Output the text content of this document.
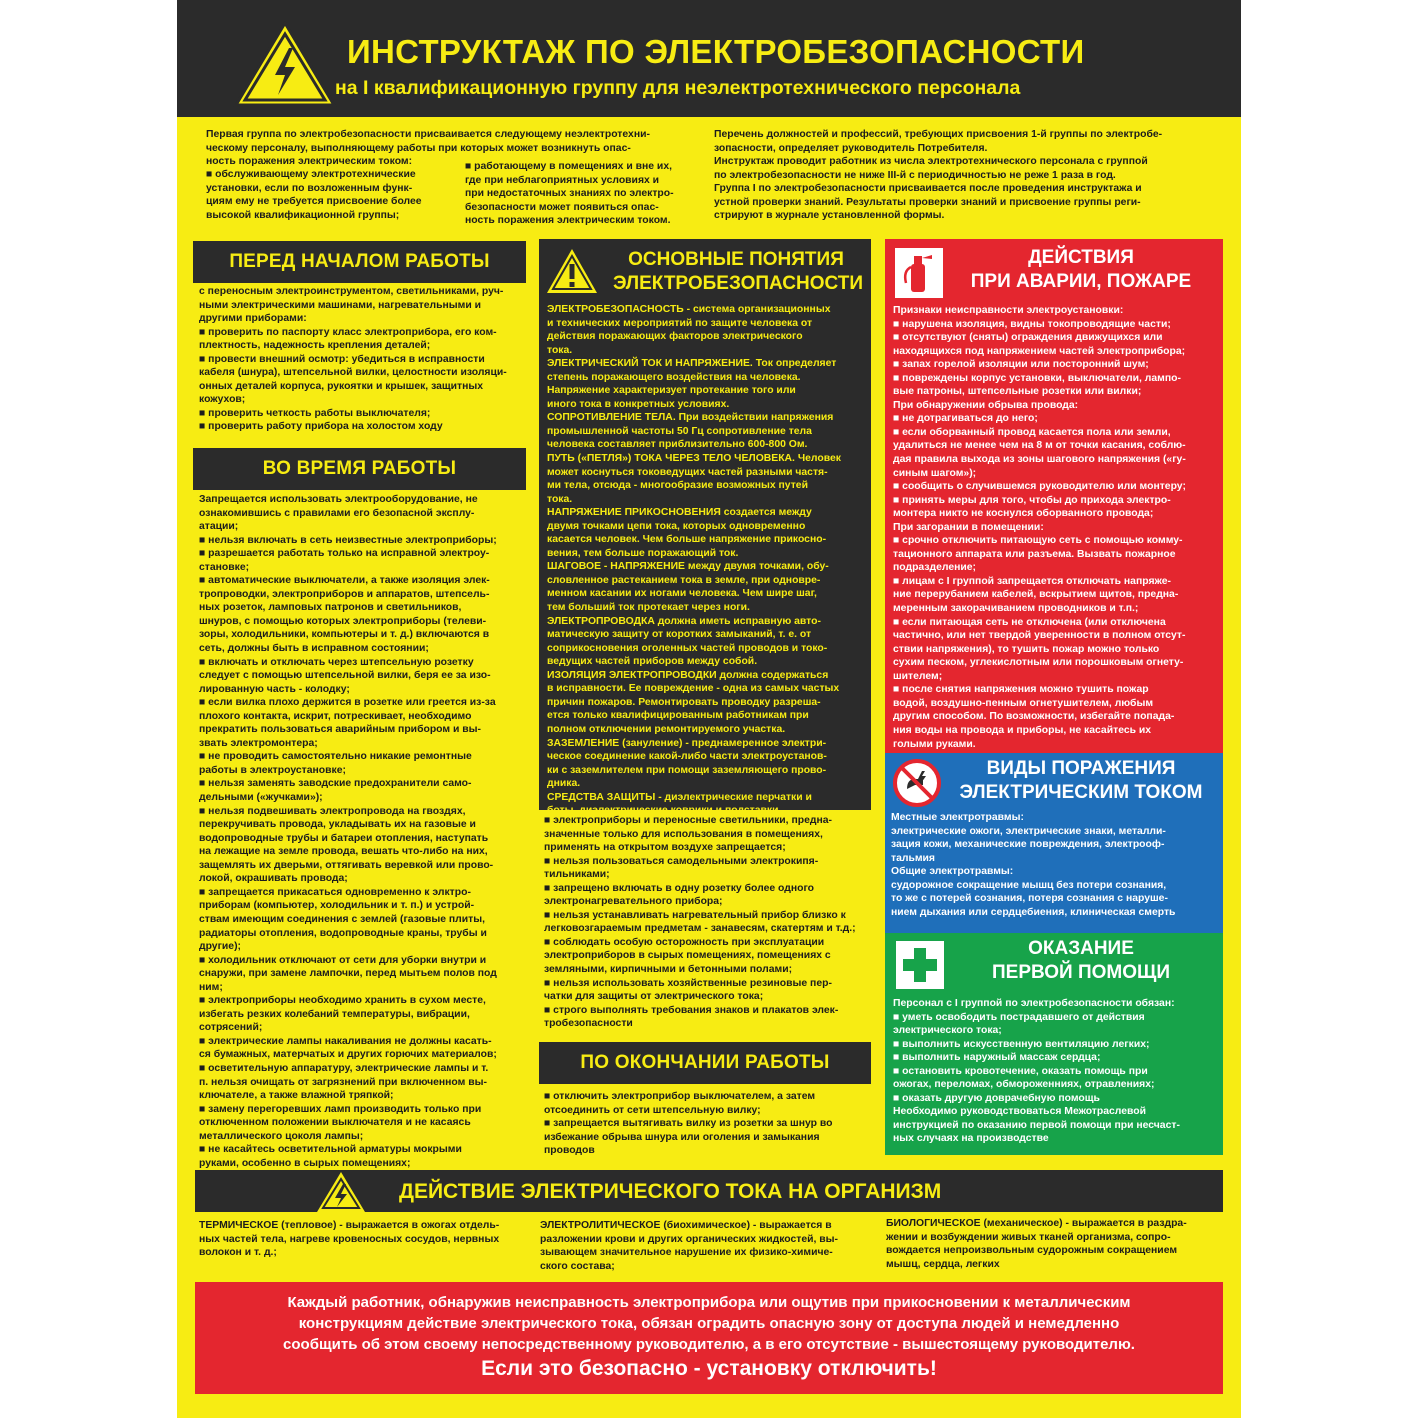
ИНСТРУКТАЖ ПО ЭЛЕКТРОБЕЗОПАСНОСТИ
на I квалификационную группу для неэлектротехнического персонала
Первая группа по электробезопасности присваивается следующему неэлектротехни-
ческому персоналу, выполняющему работы при которых может возникнуть опас-
ность поражения электрическим током:
■ обслуживающему электротехнические
установки, если по возложенным функ-
циям ему не требуется присвоение более
высокой квалификационной группы;
■ работающему в помещениях и вне их,
где при неблагоприятных условиях и
при недостаточных знаниях по электро-
безопасности может появиться опас-
ность поражения электрическим током.
Перечень должностей и профессий, требующих присвоения 1-й группы по электробе-
зопасности, определяет руководитель Потребителя.
Инструктаж проводит работник из числа электротехнического персонала с группой
по электробезопасности не ниже III-й с периодичностью не реже 1 раза в год.
Группа I по электробезопасности присваивается после проведения инструктажа и
устной проверки знаний. Результаты проверки знаний и присвоение группы реги-
стрируют в журнале установленной формы.
ПЕРЕД НАЧАЛОМ РАБОТЫ
с переносным электроинструментом, светильниками, руч-
ными электрическими машинами, нагревательными и
другими приборами:
■ проверить по паспорту класс электроприбора, его ком-
плектность, надежность крепления деталей;
■ провести внешний осмотр: убедиться в исправности
кабеля (шнура), штепсельной вилки, целостности изоляци-
онных деталей корпуса, рукоятки и крышек, защитных
кожухов;
■ проверить четкость работы выключателя;
■ проверить работу прибора на холостом ходу
ВО ВРЕМЯ РАБОТЫ
Запрещается использовать электрооборудование, не
ознакомившись с правилами его безопасной эксплу-
атации;
■ нельзя включать в сеть неизвестные электроприборы;
■ разрешается работать только на исправной электроу-
становке;
■ автоматические выключатели, а также изоляция элек-
тропроводки, электроприборов и аппаратов, штепсель-
ных розеток, ламповых патронов и светильников,
шнуров, с помощью которых электроприборы (телеви-
зоры, холодильники, компьютеры и т. д.) включаются в
сеть, должны быть в исправном состоянии;
■ включать и отключать через штепсельную розетку
следует с помощью штепсельной вилки, беря ее за изо-
лированную часть - колодку;
■ если вилка плохо держится в розетке или греется из-за
плохого контакта, искрит, потрескивает, необходимо
прекратить пользоваться аварийным прибором и вы-
звать электромонтера;
■ не проводить самостоятельно никакие ремонтные
работы в электроустановке;
■ нельзя заменять заводские предохранители само-
дельными («жучками»);
■ нельзя подвешивать электропровода на гвоздях,
перекручивать провода, укладывать их на газовые и
водопроводные трубы и батареи отопления, наступать
на лежащие на земле провода, вешать что-либо на них,
защемлять их дверьми, оттягивать веревкой или прово-
локой, окрашивать провода;
■ запрещается прикасаться одновременно к элктро-
приборам (компьютер, холодильник и т. п.) и устрой-
ствам имеющим соединения с землей (газовые плиты,
радиаторы отопления, водопроводные краны, трубы и
другие);
■ холодильник отключают от сети для уборки внутри и
снаружи, при замене лампочки, перед мытьем полов под
ним;
■ электроприборы необходимо хранить в сухом месте,
избегать резких колебаний температуры, вибрации,
сотрясений;
■ электрические лампы накаливания не должны касать-
ся бумажных, матерчатых и других горючих материалов;
■ осветительную аппаратуру, электрические лампы и т.
п. нельзя очищать от загрязнений при включенном вы-
ключателе, а также влажной тряпкой;
■ замену перегоревших ламп производить только при
отключенном положении выключателя и не касаясь
металлического цоколя лампы;
■ не касайтесь осветительной арматуры мокрыми
руками, особенно в сырых помещениях;
ОСНОВНЫЕ ПОНЯТИЯ
ЭЛЕКТРОБЕЗОПАСНОСТИ
ЭЛЕКТРОБЕЗОПАСНОСТЬ - система организационных
и технических мероприятий по защите человека от
действия поражающих факторов электрического
тока.
ЭЛЕКТРИЧЕСКИЙ ТОК И НАПРЯЖЕНИЕ. Ток определяет
степень поражающего воздействия на человека.
Напряжение характеризует протекание того или
иного тока в конкретных условиях.
СОПРОТИВЛЕНИЕ ТЕЛА. При воздействии напряжения
промышленной частоты 50 Гц сопротивление тела
человека составляет приблизительно 600-800 Ом.
ПУТЬ («ПЕТЛЯ») ТОКА ЧЕРЕЗ ТЕЛО ЧЕЛОВЕКА. Человек
может коснуться токоведущих частей разными частя-
ми тела, отсюда - многообразие возможных путей
тока.
НАПРЯЖЕНИЕ ПРИКОСНОВЕНИЯ создается между
двумя точками цепи тока, которых одновременно
касается человек. Чем больше напряжение прикосно-
вения, тем больше поражающий ток.
ШАГОВОЕ - НАПРЯЖЕНИЕ между двумя точками, обу-
словленное растеканием тока в земле, при одновре-
менном касании их ногами человека. Чем шире шаг,
тем больший ток протекает через ноги.
ЭЛЕКТРОПРОВОДКА должна иметь исправную авто-
матическую защиту от коротких замыканий, т. е. от
соприкосновения оголенных частей проводов и токо-
ведущих частей приборов между собой.
ИЗОЛЯЦИЯ ЭЛЕКТРОПРОВОДКИ должна содержаться
в исправности. Ее повреждение - одна из самых частых
причин пожаров. Ремонтировать проводку разреша-
ется только квалифицированным работникам при
полном отключении ремонтируемого участка.
ЗАЗЕМЛЕНИЕ (зануление) - преднамеренное электри-
ческое соединение какой-либо части электроустанов-
ки с заземлителем при помощи заземляющего прово-
дника.
СРЕДСТВА ЗАЩИТЫ - диэлектрические перчатки и
боты, диэлектрические коврики и подставки.
■ электроприборы и переносные светильники, предна-
значенные только для использования в помещениях,
применять на открытом воздухе запрещается;
■ нельзя пользоваться самодельными электрокипя-
тильниками;
■ запрещено включать в одну розетку более одного
электронагревательного прибора;
■ нельзя устанавливать нагревательный прибор близко к
легковозгараемым предметам - занавесям, скатертям и т.д.;
■ соблюдать особую осторожность при эксплуатации
электроприборов в сырых помещениях, помещениях с
земляными, кирпичными и бетонными полами;
■ нельзя использовать хозяйственные резиновые пер-
чатки для защиты от электрического тока;
■ строго выполнять требования знаков и плакатов элек-
тробезопасности
ПО ОКОНЧАНИИ РАБОТЫ
■ отключить электроприбор выключателем, а затем
отсоединить от сети штепсельную вилку;
■ запрещается вытягивать вилку из розетки за шнур во
избежание обрыва шнура или оголения и замыкания
проводов
ДЕЙСТВИЯ
ПРИ АВАРИИ, ПОЖАРЕ
Признаки неисправности электроустановки:
■ нарушена изоляция, видны токопроводящие части;
■ отсутствуют (сняты) ограждения движущихся или
находящихся под напряжением частей электроприбора;
■ запах горелой изоляции или посторонний шум;
■ повреждены корпус установки, выключатели, лампо-
вые патроны, штепсельные розетки или вилки;
При обнаружении обрыва провода:
■ не дотрагиваться до него;
■ если оборванный провод касается пола или земли,
удалиться не менее чем на 8 м от точки касания, соблю-
дая правила выхода из зоны шагового напряжения («гу-
синым шагом»);
■ сообщить о случившемся руководителю или монтеру;
■ принять меры для того, чтобы до прихода электро-
монтера никто не коснулся оборванного провода;
При загорании в помещении:
■ срочно отключить питающую сеть с помощью комму-
тационного аппарата или разъема. Вызвать пожарное
подразделение;
■ лицам с I группой запрещается отключать напряже-
ние перерубанием кабелей, вскрытием щитов, предна-
меренным закорачиванием проводников и т.п.;
■ если питающая сеть не отключена (или отключена
частично, или нет твердой уверенности в полном отсут-
ствии напряжения), то тушить пожар можно только
сухим песком, углекислотным или порошковым огнету-
шителем;
■ после снятия напряжения можно тушить пожар
водой, воздушно-пенным огнетушителем, любым
другим способом. По возможности, избегайте попада-
ния воды на провода и приборы, не касайтесь их
голыми руками.
ВИДЫ ПОРАЖЕНИЯ
ЭЛЕКТРИЧЕСКИМ ТОКОМ
Местные электротравмы:
электрические ожоги, электрические знаки, металли-
зация кожи, механические повреждения, электрооф-
тальмия
Общие электротравмы:
судорожное сокращение мышц без потери сознания,
то же с потерей сознания, потеря сознания с наруше-
нием дыхания или сердцебиения, клиническая смерть
ОКАЗАНИЕ
ПЕРВОЙ ПОМОЩИ
Персонал с I группой по электробезопасности обязан:
■ уметь освободить пострадавшего от действия
электрического тока;
■ выполнить искусственную вентиляцию легких;
■ выполнить наружный массаж сердца;
■ остановить кровотечение, оказать помощь при
ожогах, переломах, обмороженниях, отравлениях;
■ оказать другую доврачебную помощь
Необходимо руководствоваться Межотраслевой
инструкцией по оказанию первой помощи при несчаст-
ных случаях на производстве
ДЕЙСТВИЕ ЭЛЕКТРИЧЕСКОГО ТОКА НА ОРГАНИЗМ
ТЕРМИЧЕСКОЕ (тепловое) - выражается в ожогах отдель-
ных частей тела, нагреве кровеносных сосудов, нервных
волокон и т. д.;
ЭЛЕКТРОЛИТИЧЕСКОЕ (биохимическое) - выражается в
разложении крови и других органических жидкостей, вы-
зывающем значительное нарушение их физико-химиче-
ского состава;
БИОЛОГИЧЕСКОЕ (механическое) - выражается в раздра-
жении и возбуждении живых тканей организма, сопро-
вождается непроизвольным судорожным сокращением
мышц, сердца, легких
Каждый работник, обнаружив неисправность электроприбора или ощутив при прикосновении к металлическим
конструкциям действие электрического тока, обязан оградить опасную зону от доступа людей и немедленно
сообщить об этом своему непосредственному руководителю, а в его отсутствие - вышестоящему руководителю.
Если это безопасно - установку отключить!
